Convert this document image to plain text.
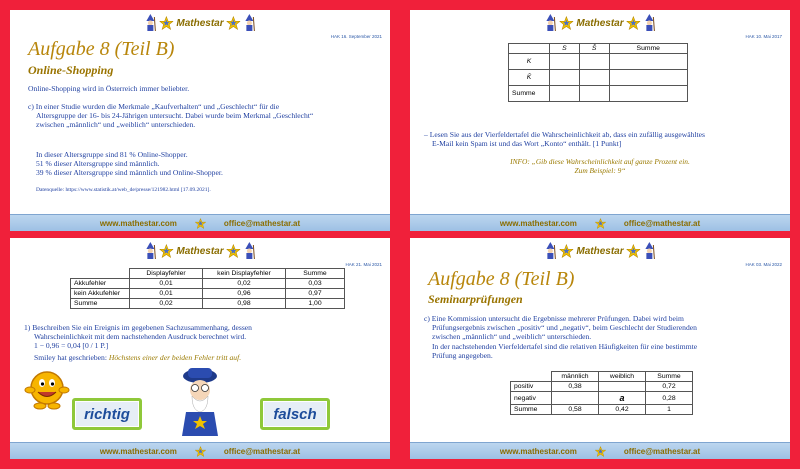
Mathestar
HAK 16. September 2021
Aufgabe 8 (Teil B)
Online-Shopping
Online-Shopping wird in Österreich immer beliebter.
c) In einer Studie wurden die Merkmale „Kaufverhalten“ und „Geschlecht“ für die
Altersgruppe der 16- bis 24-Jährigen untersucht. Dabei wurde beim Merkmal „Geschlecht“
zwischen „männlich“ und „weiblich“ unterschieden.
In dieser Altersgruppe sind 81 % Online-Shopper.
51 % dieser Altersgruppe sind männlich.
39 % dieser Altersgruppe sind männlich und Online-Shopper.
Datenquelle: https://www.statistik.at/web_de/presse/121982.html [17.09.2021].
www.mathestar.com	office@mathestar.at
Mathestar
HAK 10. Mai 2017
	S	S̄	Summe
K			
K̄			
Summe			
– Lesen Sie aus der Vierfeldertafel die Wahrscheinlichkeit ab, dass ein zufällig ausgewähltes
E-Mail kein Spam ist und das Wort „Konto“ enthält. [1 Punkt]
INFO: „Gib diese Wahrscheinlichkeit auf ganze Prozent ein.
Zum Beispiel: 9“
www.mathestar.com	office@mathestar.at
Mathestar
HAK 21. Mai 2021
	Displayfehler	kein Displayfehler	Summe
Akkufehler	0,01	0,02	0,03
kein Akkufehler	0,01	0,96	0,97
Summe	0,02	0,98	1,00
1) Beschreiben Sie ein Ereignis im gegebenen Sachzusammenhang, dessen
Wahrscheinlichkeit mit dem nachstehenden Ausdruck berechnet wird.
1 − 0,96 = 0,04 [0 / 1 P.]
Smiley hat geschrieben: Höchstens einer der beiden Fehler tritt auf.
richtig	falsch
www.mathestar.com	office@mathestar.at
Mathestar
HAK 03. Mai 2022
Aufgabe 8 (Teil B)
Seminarprüfungen
c) Eine Kommission untersucht die Ergebnisse mehrerer Prüfungen. Dabei wird beim
Prüfungsergebnis zwischen „positiv“ und „negativ“, beim Geschlecht der Studierenden
zwischen „männlich“ und „weiblich“ unterschieden.
In der nachstehenden Vierfeldertafel sind die relativen Häufigkeiten für eine bestimmte
Prüfung angegeben.
	männlich	weiblich	Summe
positiv	0,38		0,72
negativ		a	0,28
Summe	0,58	0,42	1
www.mathestar.com	office@mathestar.at
